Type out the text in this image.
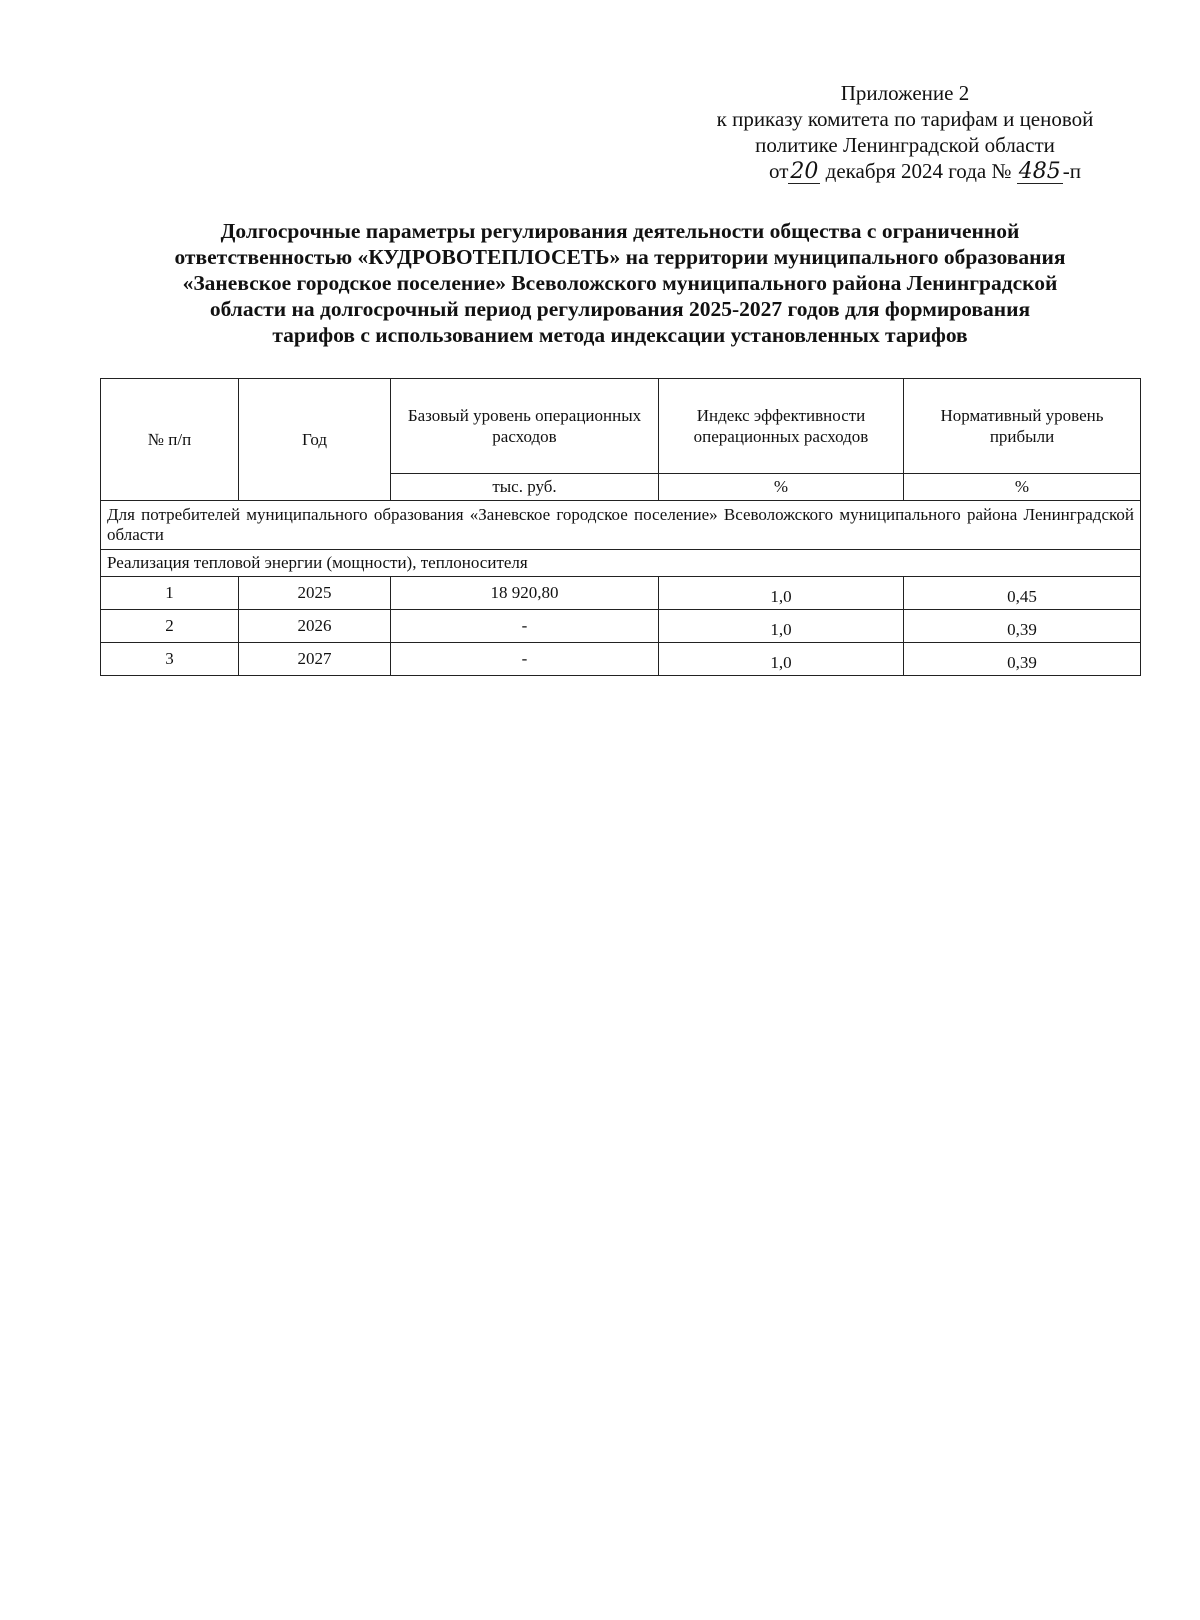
Приложение 2
к приказу комитета по тарифам и ценовой
политике Ленинградской области
от20 декабря 2024 года № 485-п
Долгосрочные параметры регулирования деятельности общества с ограниченной
ответственностью «КУДРОВОТЕПЛОСЕТЬ» на территории муниципального образования
«Заневское городское поселение» Всеволожского муниципального района Ленинградской
области на долгосрочный период регулирования 2025-2027 годов для формирования
тарифов с использованием метода индексации установленных тарифов
№ п/п	Год	Базовый уровень операционных расходов	Индекс эффективности операционных расходов	Нормативный уровень прибыли
		тыс. руб.	%	%
Для потребителей муниципального образования «Заневское городское поселение» Всеволожского муниципального района Ленинградской области				
Реализация тепловой энергии (мощности), теплоносителя				
1	2025	18 920,80	1,0	0,45
2	2026	-	1,0	0,39
3	2027	-	1,0	0,39
